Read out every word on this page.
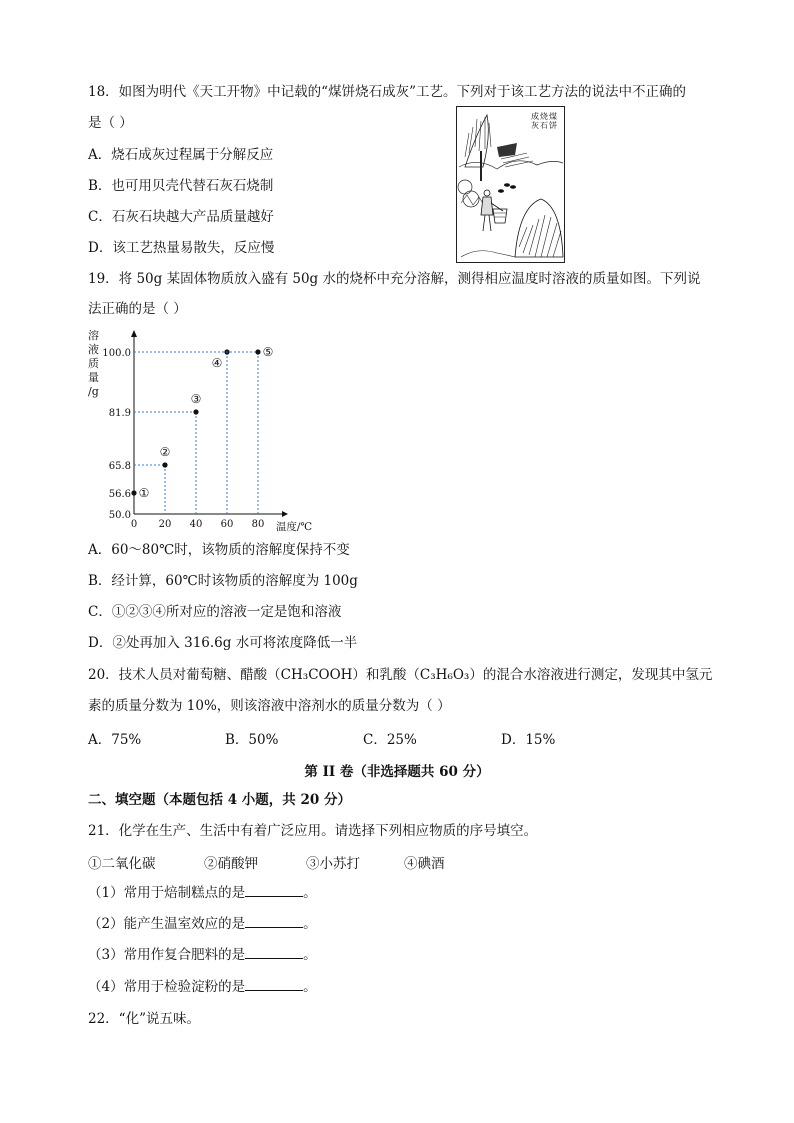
18．如图为明代《天工开物》中记载的“煤饼烧石成灰”工艺。下列对于该工艺方法的说法中不正确的
是（ ）
A．烧石成灰过程属于分解反应
B．也可用贝壳代替石灰石烧制
C．石灰石块越大产品质量越好
D．该工艺热量易散失，反应慢
煤
饼
烧
石
成
灰
19．将 50g 某固体物质放入盛有 50g 水的烧杯中充分溶解，测得相应温度时溶液的质量如图。下列说
法正确的是（ ）
溶
液
质
量
/g
50.0
56.6
65.8
81.9
100.0
0 20 40 60 80 温度/℃
①
②
③
④
⑤
A．60～80℃时，该物质的溶解度保持不变
B．经计算，60℃时该物质的溶解度为 100g
C．①②③④所对应的溶液一定是饱和溶液
D．②处再加入 316.6g 水可将浓度降低一半
20．技术人员对葡萄糖、醋酸（CH₃COOH）和乳酸（C₃H₆O₃）的混合水溶液进行测定，发现其中氢元
素的质量分数为 10%，则该溶液中溶剂水的质量分数为（ ）
A．75%	B．50%	C．25%	D．15%
第 II 卷（非选择题共 60 分）
二、填空题（本题包括 4 小题，共 20 分）
21．化学在生产、生活中有着广泛应用。请选择下列相应物质的序号填空。
①二氧化碳	②硝酸钾	③小苏打	④碘酒
（1）常用于焙制糕点的是	。
（2）能产生温室效应的是	。
（3）常用作复合肥料的是	。
（4）常用于检验淀粉的是	。
22．“化”说五味。
